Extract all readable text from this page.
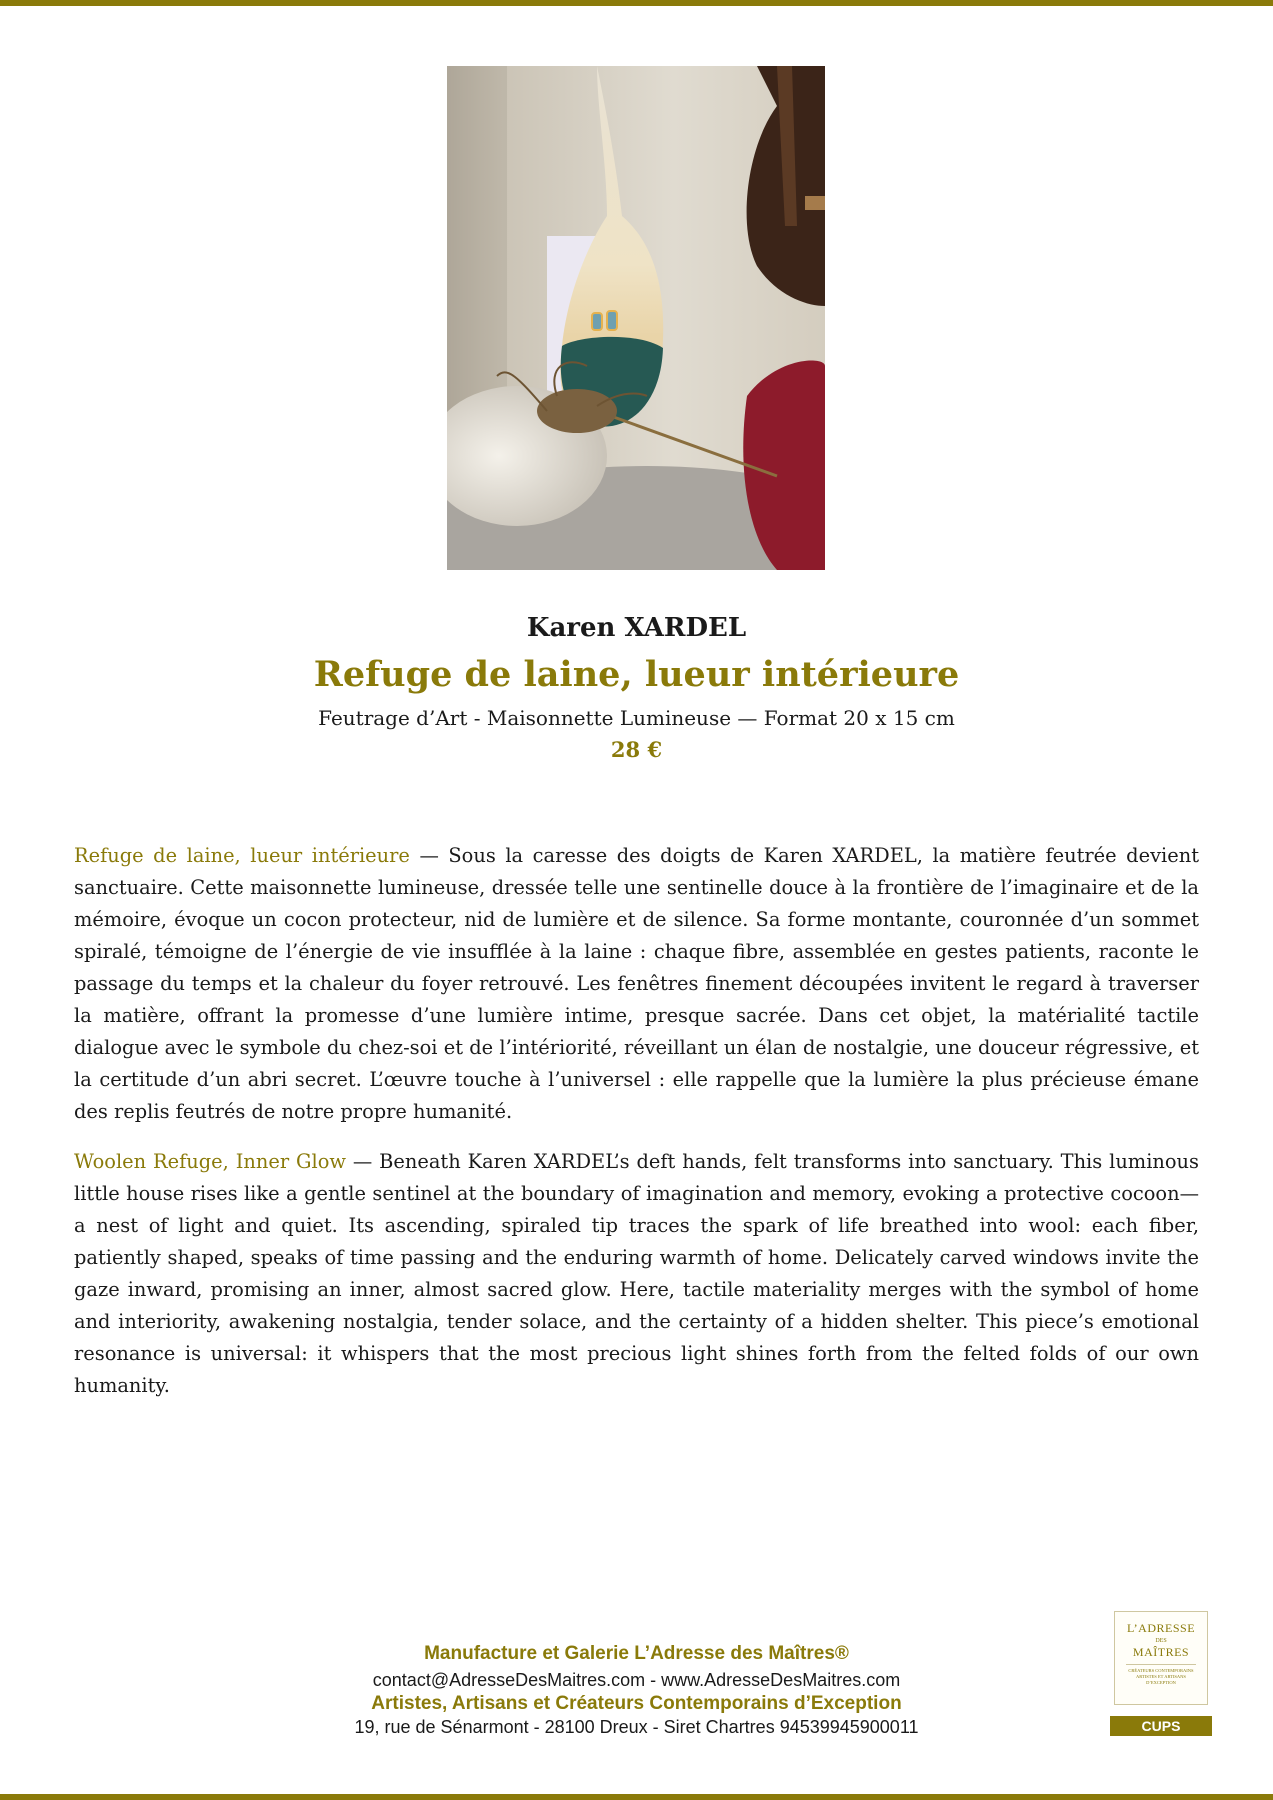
Karen XARDEL
Refuge de laine, lueur intérieure
Feutrage d’Art - Maisonnette Lumineuse — Format 20 x 15 cm
28 €

Refuge de laine, lueur intérieure — Sous la caresse des doigts de Karen XARDEL, la matière feutrée devient sanctuaire. Cette maisonnette lumineuse, dressée telle une sentinelle douce à la frontière de l’imaginaire et de la mémoire, évoque un cocon protecteur, nid de lumière et de silence. Sa forme montante, couronnée d’un sommet spiralé, témoigne de l’énergie de vie insufflée à la laine : chaque fibre, assemblée en gestes patients, raconte le passage du temps et la chaleur du foyer retrouvé. Les fenêtres finement découpées invitent le regard à traverser la matière, offrant la promesse d’une lumière intime, presque sacrée. Dans cet objet, la matérialité tactile dialogue avec le symbole du chez-soi et de l’intériorité, réveillant un élan de nostalgie, une douceur régressive, et la certitude d’un abri secret. L’œuvre touche à l’universel : elle rappelle que la lumière la plus précieuse émane des replis feutrés de notre propre humanité.

Woolen Refuge, Inner Glow — Beneath Karen XARDEL’s deft hands, felt transforms into sanctuary. This luminous little house rises like a gentle sentinel at the boundary of imagination and memory, evoking a protective cocoon—a nest of light and quiet. Its ascending, spiraled tip traces the spark of life breathed into wool: each fiber, patiently shaped, speaks of time passing and the enduring warmth of home. Delicately carved windows invite the gaze inward, promising an inner, almost sacred glow. Here, tactile materiality merges with the symbol of home and interiority, awakening nostalgia, tender solace, and the certainty of a hidden shelter. This piece’s emotional resonance is universal: it whispers that the most precious light shines forth from the felted folds of our own humanity.

Manufacture et Galerie L’Adresse des Maîtres®
contact@AdresseDesMaitres.com - www.AdresseDesMaitres.com
Artistes, Artisans et Créateurs Contemporains d’Exception
19, rue de Sénarmont - 28100 Dreux - Siret Chartres 94539945900011
L’ADRESSE
DES
MAÎTRES
CRÉATEURS CONTEMPORAINS ARTISTES ET ARTISANS D’EXCEPTION
CUPS
